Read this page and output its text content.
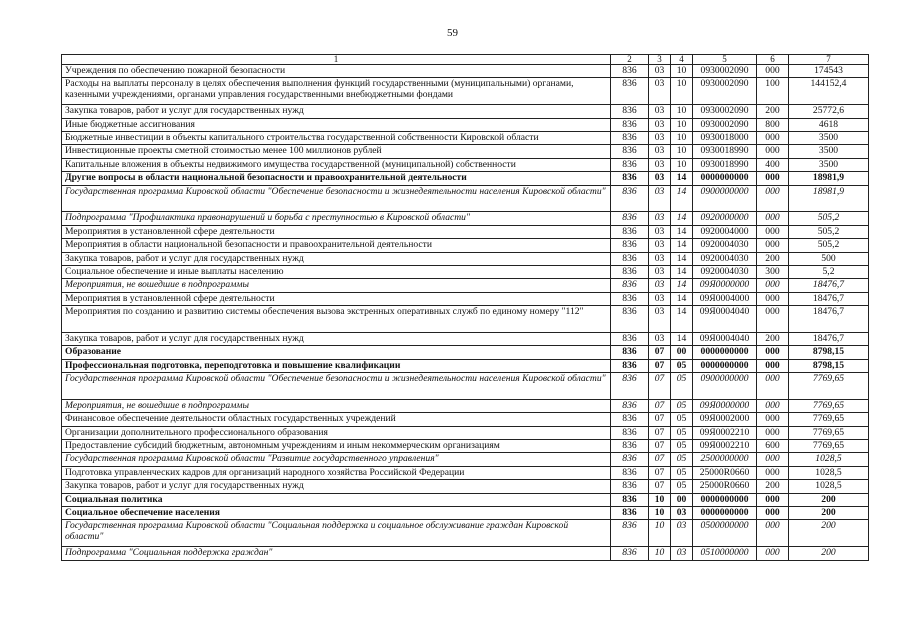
59
1	2	3	4	5	6	7
Учреждения по обеспечению пожарной безопасности	836	03	10	0930002090	000	174543
Расходы на выплаты персоналу в целях обеспечения выполнения функций государственными (муниципальными) органами, казенными учреждениями, органами управления государственными внебюджетными фондами	836	03	10	0930002090	100	144152,4
Закупка товаров, работ и услуг для государственных нужд	836	03	10	0930002090	200	25772,6
Иные бюджетные ассигнования	836	03	10	0930002090	800	4618
Бюджетные инвестиции в объекты капитального строительства государственной собственности Кировской области	836	03	10	0930018000	000	3500
Инвестиционные проекты сметной стоимостью менее 100 миллионов рублей	836	03	10	0930018990	000	3500
Капитальные вложения в объекты недвижимого имущества государственной (муниципальной) собственности	836	03	10	0930018990	400	3500
Другие вопросы в области национальной безопасности и правоохранительной деятельности	836	03	14	0000000000	000	18981,9
Государственная программа Кировской области "Обеспечение безопасности и жизнедеятельности населения Кировской области"	836	03	14	0900000000	000	18981,9
Подпрограмма "Профилактика правонарушений и борьба с преступностью в Кировской области"	836	03	14	0920000000	000	505,2
Мероприятия в установленной сфере деятельности	836	03	14	0920004000	000	505,2
Мероприятия в области национальной безопасности и правоохранительной деятельности	836	03	14	0920004030	000	505,2
Закупка товаров, работ и услуг для государственных нужд	836	03	14	0920004030	200	500
Социальное обеспечение и иные выплаты населению	836	03	14	0920004030	300	5,2
Мероприятия, не вошедшие в подпрограммы	836	03	14	09Я0000000	000	18476,7
Мероприятия в установленной сфере деятельности	836	03	14	09Я0004000	000	18476,7
Мероприятия по созданию и развитию системы обеспечения вызова экстренных оперативных служб по единому номеру "112"	836	03	14	09Я0004040	000	18476,7
Закупка товаров, работ и услуг для государственных нужд	836	03	14	09Я0004040	200	18476,7
Образование	836	07	00	0000000000	000	8798,15
Профессиональная подготовка, переподготовка и повышение квалификации	836	07	05	0000000000	000	8798,15
Государственная программа Кировской области "Обеспечение безопасности и жизнедеятельности населения Кировской области"	836	07	05	0900000000	000	7769,65
Мероприятия, не вошедшие в подпрограммы	836	07	05	09Я0000000	000	7769,65
Финансовое обеспечение деятельности областных государственных учреждений	836	07	05	09Я0002000	000	7769,65
Организации дополнительного профессионального образования	836	07	05	09Я0002210	000	7769,65
Предоставление субсидий бюджетным, автономным учреждениям и иным некоммерческим организациям	836	07	05	09Я0002210	600	7769,65
Государственная программа Кировской области "Развитие государственного управления"	836	07	05	2500000000	000	1028,5
Подготовка управленческих кадров для организаций народного хозяйства Российской Федерации	836	07	05	25000R0660	000	1028,5
Закупка товаров, работ и услуг для государственных нужд	836	07	05	25000R0660	200	1028,5
Социальная политика	836	10	00	0000000000	000	200
Социальное обеспечение населения	836	10	03	0000000000	000	200
Государственная программа Кировской области "Социальная поддержка и социальное обслуживание граждан Кировской области"	836	10	03	0500000000	000	200
Подпрограмма "Социальная поддержка граждан"	836	10	03	0510000000	000	200
